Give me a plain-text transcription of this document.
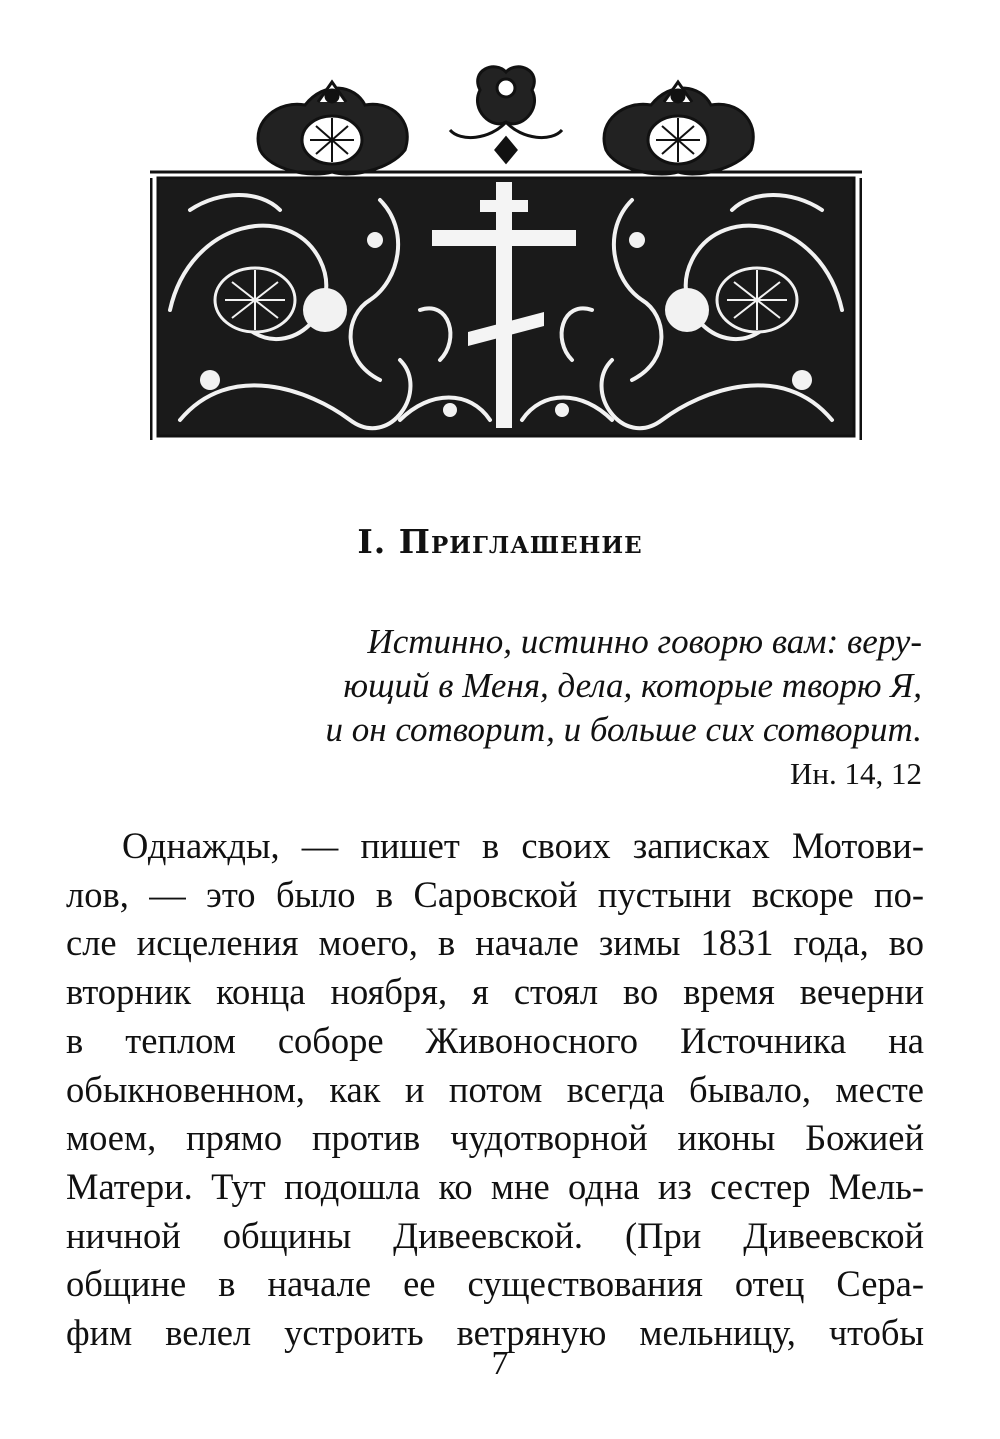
I. Приглашение
Истинно, истинно говорю вам: веру-
ющий в Меня, дела, которые творю Я,
и он сотворит, и больше сих сотворит.
Ин. 14, 12
Однажды, — пишет в своих записках Мотови-
лов, — это было в Саровской пустыни вскоре по-
сле исцеления моего, в начале зимы 1831 года, во
вторник конца ноября, я стоял во время вечерни
в теплом соборе Живоносного Источника на
обыкновенном, как и потом всегда бывало, месте
моем, прямо против чудотворной иконы Божией
Матери. Тут подошла ко мне одна из сестер Мель-
ничной общины Дивеевской. (При Дивеевской
общине в начале ее существования отец Сера-
фим велел устроить ветряную мельницу, чтобы
7
